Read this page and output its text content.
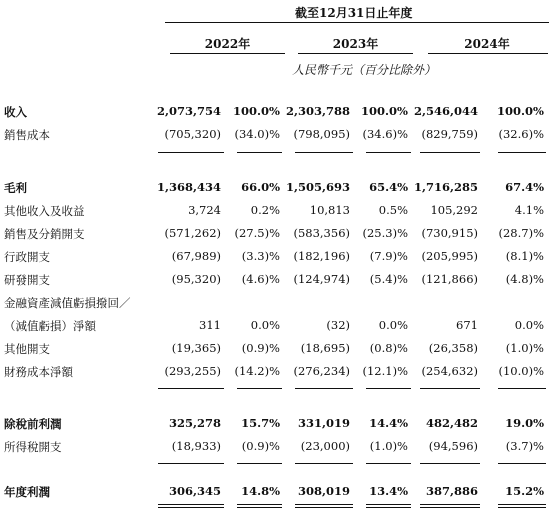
截至12月31日止年度
2022年	2023年	2024年
人民幣千元（百分比除外）
收入	2,073,754 100.0% 2,303,788 100.0% 2,546,044 100.0%
銷售成本	(705,320) (34.0)% (798,095) (34.6)% (829,759) (32.6)%
毛利	1,368,434 66.0% 1,505,693 65.4% 1,716,285 67.4%
其他收入及收益	3,724	0.2%	10,813	0.5% 105,292	4.1%
銷售及分銷開支	(571,262) (27.5)% (583,356) (25.3)% (730,915) (28.7)%
行政開支	(67,989) (3.3)% (182,196) (7.9)% (205,995) (8.1)%
研發開支	(95,320) (4.6)% (124,974) (5.4)% (121,866) (4.8)%
金融資產減值虧損撥回／
（減值虧損）淨額	311	0.0%	(32)	0.0%	671	0.0%
其他開支	(19,365) (0.9)% (18,695) (0.8)% (26,358) (1.0)%
財務成本淨額	(293,255) (14.2)% (276,234) (12.1)% (254,632) (10.0)%
除稅前利潤	325,278 15.7% 331,019 14.4% 482,482 19.0%
所得稅開支	(18,933) (0.9)% (23,000) (1.0)% (94,596) (3.7)%
年度利潤	306,345 14.8% 308,019 13.4% 387,886 15.2%
